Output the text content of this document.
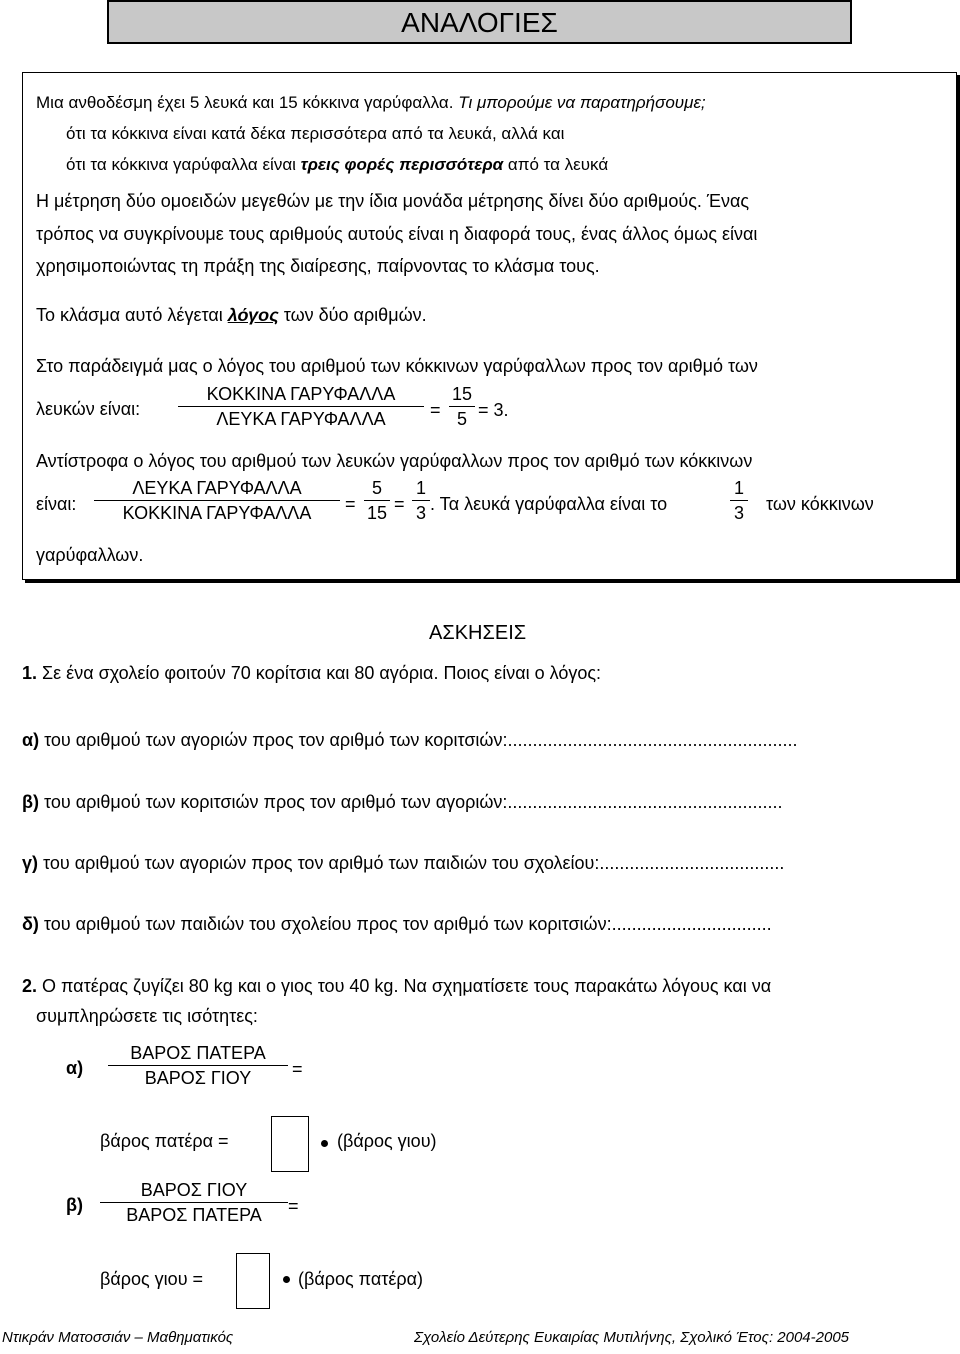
ΑΝΑΛΟΓΙΕΣ
Μια ανθοδέσμη έχει 5 λευκά και 15 κόκκινα γαρύφαλλα. Τι μπορούμε να παρατηρήσουμε;
ότι τα κόκκινα είναι κατά δέκα περισσότερα από τα λευκά, αλλά και
ότι τα κόκκινα γαρύφαλλα είναι τρεις φορές περισσότερα από τα λευκά
Η μέτρηση δύο ομοειδών μεγεθών με την ίδια μονάδα μέτρησης δίνει δύο αριθμούς. Ένας
τρόπος να συγκρίνουμε τους αριθμούς αυτούς είναι η διαφορά τους, ένας άλλος όμως είναι
χρησιμοποιώντας τη πράξη της διαίρεσης, παίρνοντας το κλάσμα τους.
Το κλάσμα αυτό λέγεται λόγος των δύο αριθμών.
Στο παράδειγμά μας ο λόγος του αριθμού των κόκκινων γαρύφαλλων προς τον αριθμό των
λευκών είναι:
ΚΟΚΚΙΝΑ ΓΑΡΥΦΑΛΛΑ
ΛΕΥΚΑ ΓΑΡΥΦΑΛΛΑ	=
15
5 = 3.
Αντίστροφα ο λόγος του αριθμού των λευκών γαρύφαλλων προς τον αριθμό των κόκκινων
είναι:
ΛΕΥΚΑ ΓΑΡΥΦΑΛΛΑ
ΚΟΚΚΙΝΑ ΓΑΡΥΦΑΛΛΑ	=
5
15 =
1
3 . Τα λευκά γαρύφαλλα είναι το
1
3 των κόκκινων
γαρύφαλλων.
ΑΣΚΗΣΕΙΣ
1. Σε ένα σχολείο φοιτούν 70 κορίτσια και 80 αγόρια. Ποιος είναι ο λόγος:
α) του αριθμού των αγοριών προς τον αριθμό των κοριτσιών:..........................................................
β) του αριθμού των κοριτσιών προς τον αριθμό των αγοριών:.......................................................
γ) του αριθμού των αγοριών προς τον αριθμό των παιδιών του σχολείου:.....................................
δ) του αριθμού των παιδιών του σχολείου προς τον αριθμό των κοριτσιών:................................
2. Ο πατέρας ζυγίζει 80 kg και ο γιος του 40 kg. Να σχηματίσετε τους παρακάτω λόγους και να
συμπληρώσετε τις ισότητες:
α)
ΒΑΡΟΣ ΠΑΤΕΡΑ
ΒΑΡΟΣ ΓΙΟΥ	=
βάρος πατέρα =	(βάρος γιου)
β)
ΒΑΡΟΣ ΓΙΟΥ
ΒΑΡΟΣ ΠΑΤΕΡΑ	=
βάρος γιου =	(βάρος πατέρα)
Ντικράν Ματοσσιάν – Μαθηματικός	Σχολείο Δεύτερης Ευκαιρίας Μυτιλήνης, Σχολικό Έτος: 2004-2005
